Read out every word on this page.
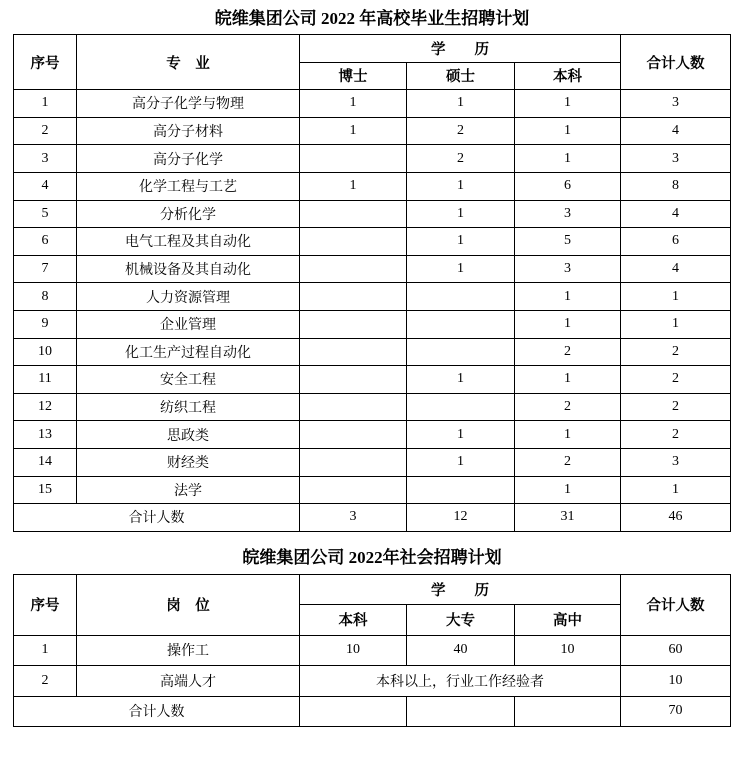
皖维集团公司 2022 年高校毕业生招聘计划
序号	专　业	学　　历			合计人数
		博士	硕士	本科	
1	高分子化学与物理	1	1	1	3
2	高分子材料	1	2	1	4
3	高分子化学		2	1	3
4	化学工程与工艺	1	1	6	8
5	分析化学		1	3	4
6	电气工程及其自动化		1	5	6
7	机械设备及其自动化		1	3	4
8	人力资源管理			1	1
9	企业管理			1	1
10	化工生产过程自动化			2	2
11	安全工程		1	1	2
12	纺织工程			2	2
13	思政类		1	1	2
14	财经类		1	2	3
15	法学			1	1
合计人数		3	12	31	46
皖维集团公司 2022年社会招聘计划
序号	岗　位	学　　历			合计人数
		本科	大专	高中	
1	操作工	10	40	10	60
2	高端人才	本科以上，行业工作经验者			10
合计人数					70
